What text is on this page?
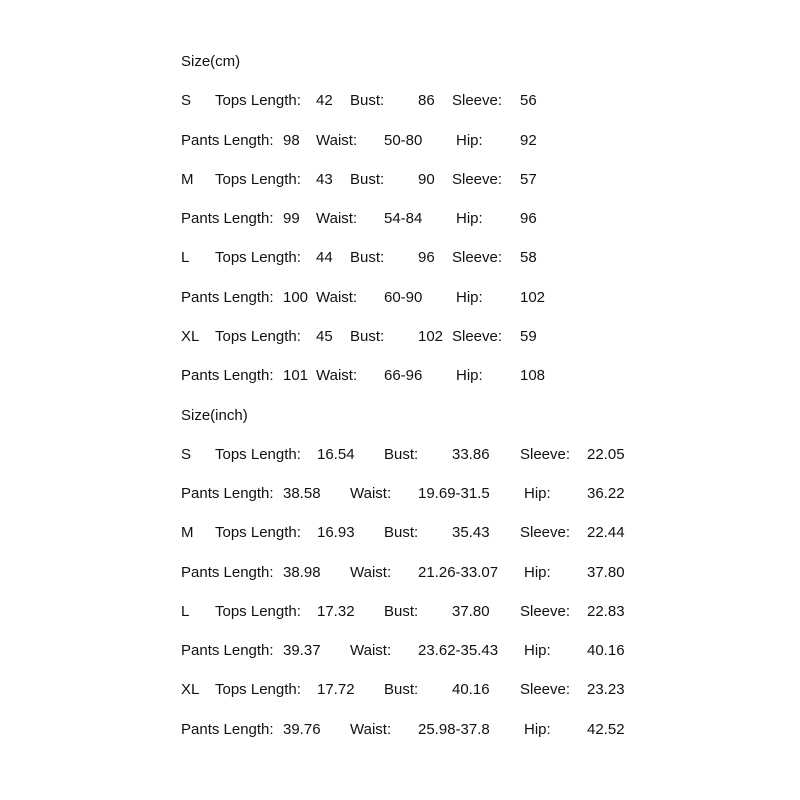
Size(cm)
S Tops Length: 42 Bust: 86 Sleeve: 56
Pants Length: 98 Waist: 50-80 Hip: 92
M Tops Length: 43 Bust: 90 Sleeve: 57
Pants Length: 99 Waist: 54-84 Hip: 96
L Tops Length: 44 Bust: 96 Sleeve: 58
Pants Length: 100 Waist: 60-90 Hip: 102
XL Tops Length: 45 Bust: 102 Sleeve: 59
Pants Length: 101 Waist: 66-96 Hip: 108
Size(inch)
S Tops Length: 16.54 Bust: 33.86 Sleeve: 22.05
Pants Length: 38.58 Waist: 19.69-31.5 Hip: 36.22
M Tops Length: 16.93 Bust: 35.43 Sleeve: 22.44
Pants Length: 38.98 Waist: 21.26-33.07 Hip: 37.80
L Tops Length: 17.32 Bust: 37.80 Sleeve: 22.83
Pants Length: 39.37 Waist: 23.62-35.43 Hip: 40.16
XL Tops Length: 17.72 Bust: 40.16 Sleeve: 23.23
Pants Length: 39.76 Waist: 25.98-37.8 Hip: 42.52
